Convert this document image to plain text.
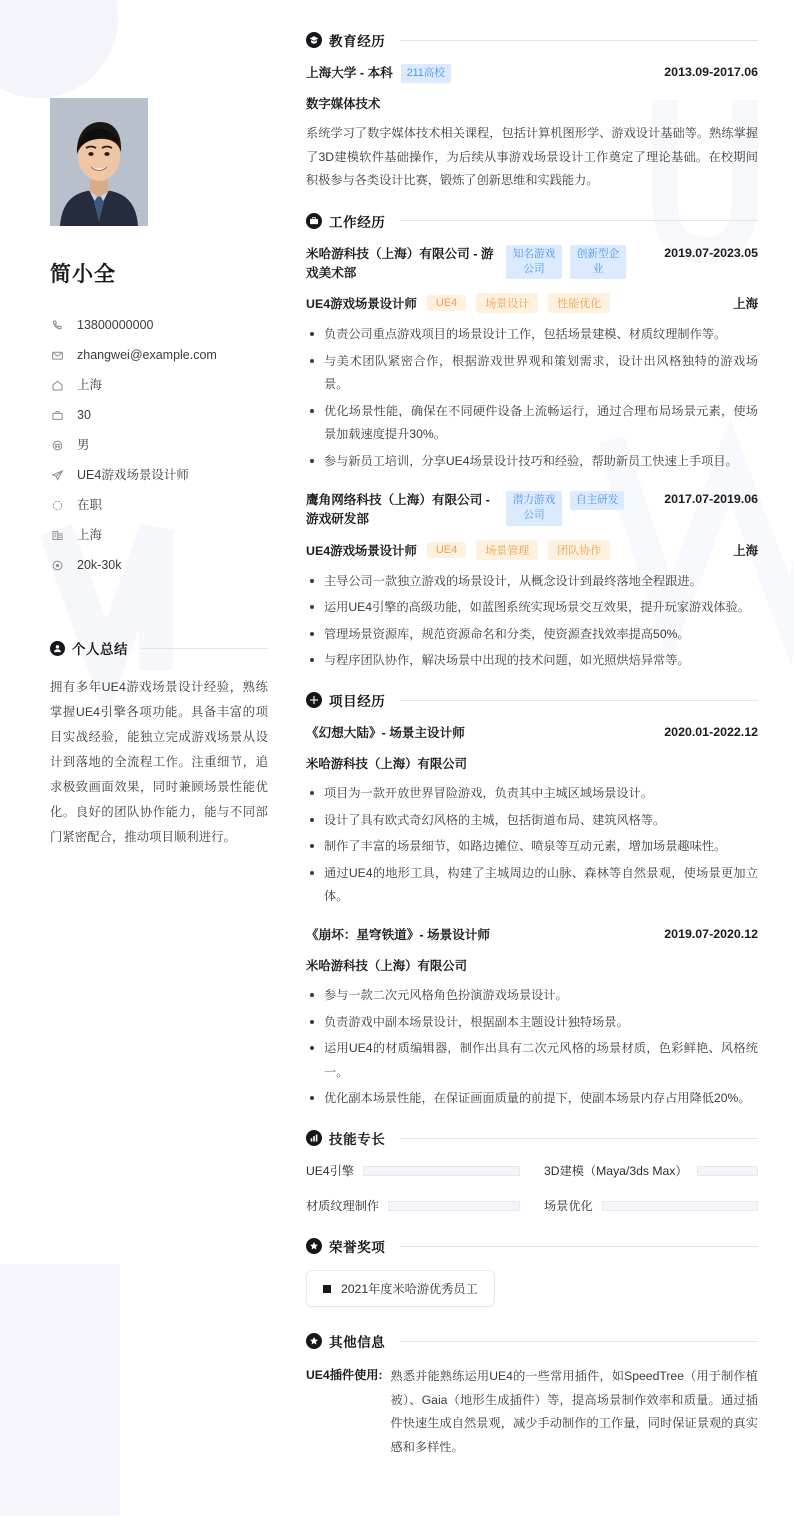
简小全
13800000000
zhangwei@example.com
上海
30
男
UE4游戏场景设计师
在职
上海
20k-30k
个人总结

拥有多年UE4游戏场景设计经验，熟练掌握UE4引擎各项功能。具备丰富的项目实战经验，能独立完成游戏场景从设计到落地的全流程工作。注重细节，追求极致画面效果，同时兼顾场景性能优化。良好的团队协作能力，能与不同部门紧密配合，推动项目顺利进行。

教育经历
上海大学 - 本科	211高校	2013.09-2017.06
数字媒体技术

系统学习了数字媒体技术相关课程，包括计算机图形学、游戏设计基础等。熟练掌握了3D建模软件基础操作，为后续从事游戏场景设计工作奠定了理论基础。在校期间积极参与各类设计比赛，锻炼了创新思维和实践能力。

工作经历
米哈游科技（上海）有限公司 - 游戏美术部
知名游戏公司
创新型企业
2019.07-2023.05
UE4游戏场景设计师	UE4	场景设计	性能优化	上海
负责公司重点游戏项目的场景设计工作，包括场景建模、材质纹理制作等。
与美术团队紧密合作，根据游戏世界观和策划需求，设计出风格独特的游戏场景。
优化场景性能，确保在不同硬件设备上流畅运行，通过合理布局场景元素，使场景加载速度提升30%。
参与新员工培训，分享UE4场景设计技巧和经验，帮助新员工快速上手项目。
鹰角网络科技（上海）有限公司 - 游戏研发部
潜力游戏公司
自主研发	2017.07-2019.06
UE4游戏场景设计师	UE4	场景管理	团队协作	上海
主导公司一款独立游戏的场景设计，从概念设计到最终落地全程跟进。
运用UE4引擎的高级功能，如蓝图系统实现场景交互效果，提升玩家游戏体验。
管理场景资源库，规范资源命名和分类，使资源查找效率提高50%。
与程序团队协作，解决场景中出现的技术问题，如光照烘焙异常等。
项目经历
《幻想大陆》- 场景主设计师	2020.01-2022.12
米哈游科技（上海）有限公司
项目为一款开放世界冒险游戏，负责其中主城区域场景设计。
设计了具有欧式奇幻风格的主城，包括街道布局、建筑风格等。
制作了丰富的场景细节，如路边摊位、喷泉等互动元素，增加场景趣味性。
通过UE4的地形工具，构建了主城周边的山脉、森林等自然景观，使场景更加立体。
《崩坏：星穹铁道》- 场景设计师	2019.07-2020.12
米哈游科技（上海）有限公司
参与一款二次元风格角色扮演游戏场景设计。
负责游戏中副本场景设计，根据副本主题设计独特场景。
运用UE4的材质编辑器，制作出具有二次元风格的场景材质，色彩鲜艳、风格统一。
优化副本场景性能，在保证画面质量的前提下，使副本场景内存占用降低20%。
技能专长
UE4引擎	3D建模（Maya/3ds Max）
材质纹理制作	场景优化
荣誉奖项
2021年度米哈游优秀员工
其他信息
UE4插件使用: 熟悉并能熟练运用UE4的一些常用插件，如SpeedTree（用于制作植被）、Gaia（地形生成插件）等，提高场景制作效率和质量。通过插件快速生成自然景观，减少手动制作的工作量，同时保证景观的真实感和多样性。
